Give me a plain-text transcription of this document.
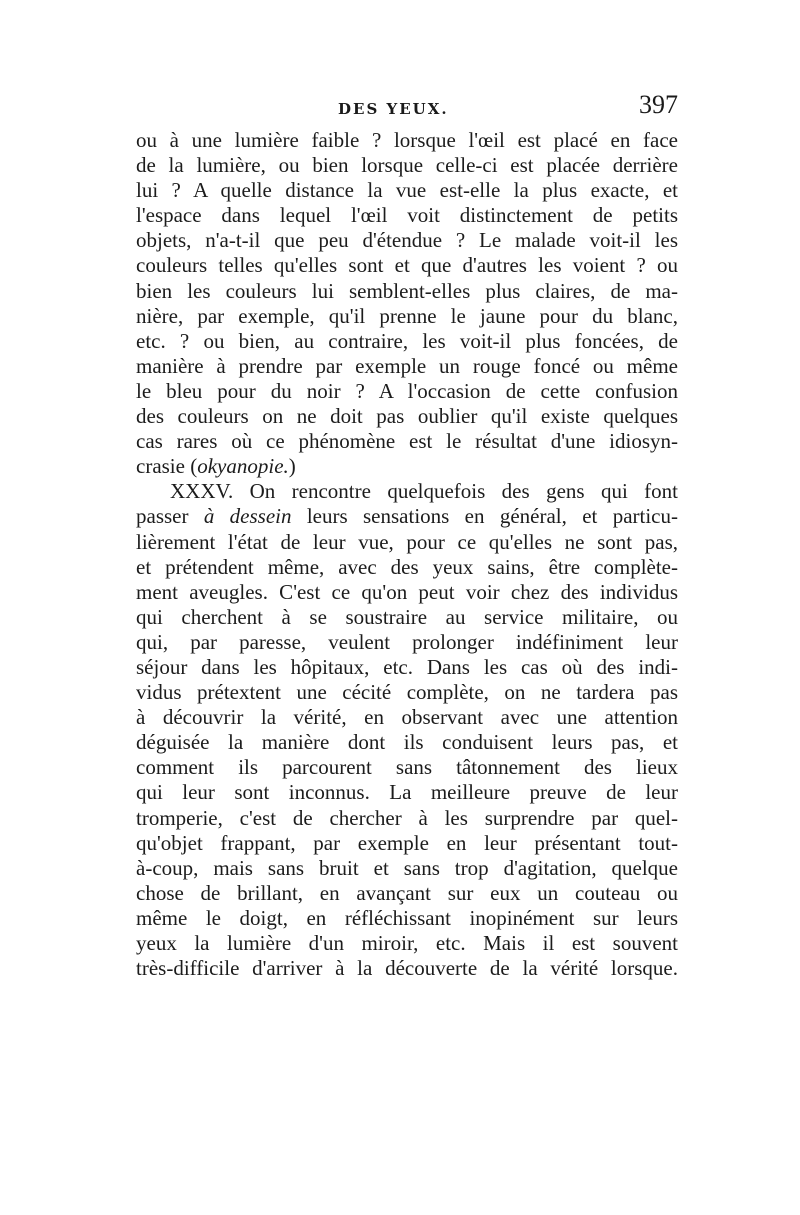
DES YEUX.	397
ou à une lumière faible ? lorsque l'œil est placé en face
de la lumière, ou bien lorsque celle-ci est placée derrière
lui ? A quelle distance la vue est-elle la plus exacte, et
l'espace dans lequel l'œil voit distinctement de petits
objets, n'a-t-il que peu d'étendue ? Le malade voit-il les
couleurs telles qu'elles sont et que d'autres les voient ? ou
bien les couleurs lui semblent-elles plus claires, de ma-
nière, par exemple, qu'il prenne le jaune pour du blanc,
etc. ? ou bien, au contraire, les voit-il plus foncées, de
manière à prendre par exemple un rouge foncé ou même
le bleu pour du noir ? A l'occasion de cette confusion
des couleurs on ne doit pas oublier qu'il existe quelques
cas rares où ce phénomène est le résultat d'une idiosyn-
crasie (okyanopie.)
XXXV. On rencontre quelquefois des gens qui font
passer à dessein leurs sensations en général, et particu-
lièrement l'état de leur vue, pour ce qu'elles ne sont pas,
et prétendent même, avec des yeux sains, être complète-
ment aveugles. C'est ce qu'on peut voir chez des individus
qui cherchent à se soustraire au service militaire, ou
qui, par paresse, veulent prolonger indéfiniment leur
séjour dans les hôpitaux, etc. Dans les cas où des indi-
vidus prétextent une cécité complète, on ne tardera pas
à découvrir la vérité, en observant avec une attention
déguisée la manière dont ils conduisent leurs pas, et
comment ils parcourent sans tâtonnement des lieux
qui leur sont inconnus. La meilleure preuve de leur
tromperie, c'est de chercher à les surprendre par quel-
qu'objet frappant, par exemple en leur présentant tout-
à-coup, mais sans bruit et sans trop d'agitation, quelque
chose de brillant, en avançant sur eux un couteau ou
même le doigt, en réfléchissant inopinément sur leurs
yeux la lumière d'un miroir, etc. Mais il est souvent
très-difficile d'arriver à la découverte de la vérité lorsque.
